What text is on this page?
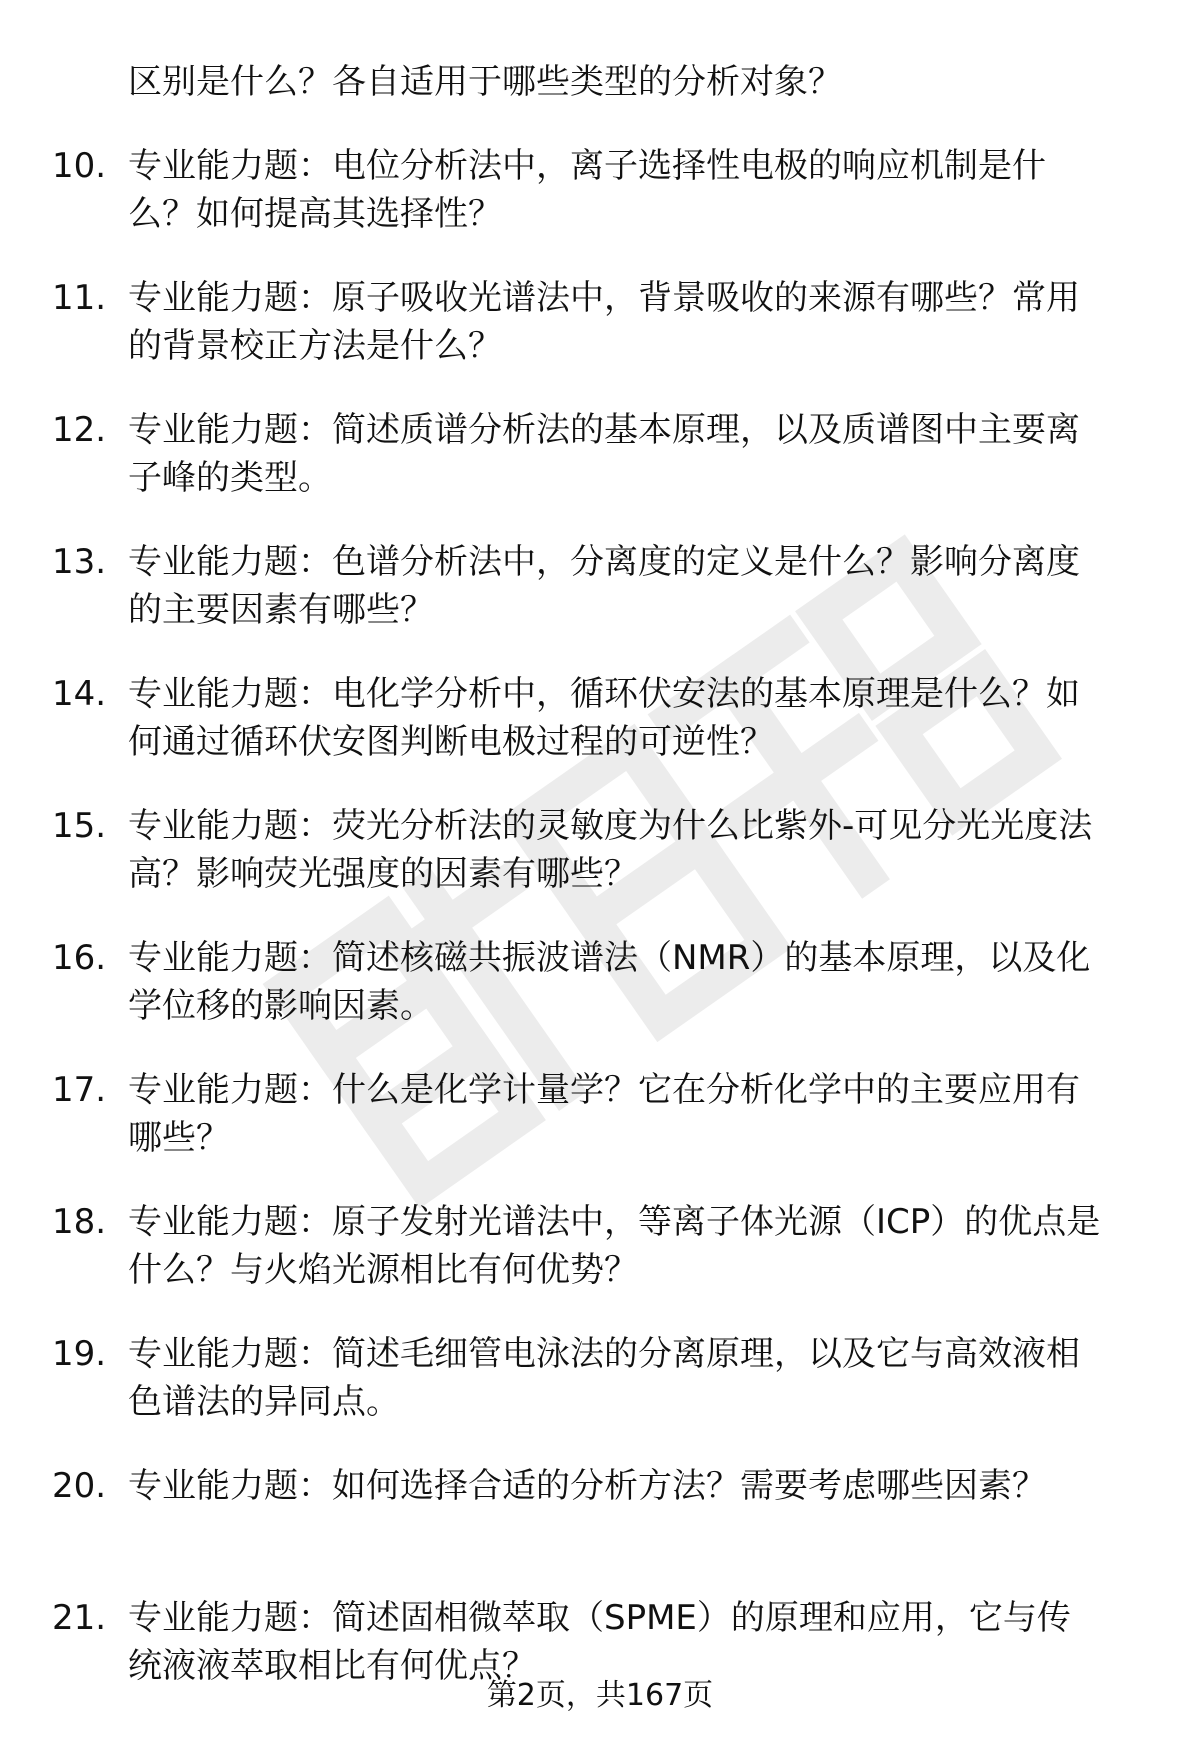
区别是什么？各自适用于哪些类型的分析对象？
10. 专业能力题：电位分析法中，离子选择性电极的响应机制是什
么？如何提高其选择性？
11. 专业能力题：原子吸收光谱法中，背景吸收的来源有哪些？常用
的背景校正方法是什么？
12. 专业能力题：简述质谱分析法的基本原理，以及质谱图中主要离
子峰的类型。
13. 专业能力题：色谱分析法中，分离度的定义是什么？影响分离度
的主要因素有哪些？
14. 专业能力题：电化学分析中，循环伏安法的基本原理是什么？如
何通过循环伏安图判断电极过程的可逆性？
15. 专业能力题：荧光分析法的灵敏度为什么比紫外-可见分光光度法
高？影响荧光强度的因素有哪些？
16. 专业能力题：简述核磁共振波谱法（NMR）的基本原理，以及化
学位移的影响因素。
17. 专业能力题：什么是化学计量学？它在分析化学中的主要应用有
哪些？
18. 专业能力题：原子发射光谱法中，等离子体光源（ICP）的优点是
什么？与火焰光源相比有何优势？
19. 专业能力题：简述毛细管电泳法的分离原理，以及它与高效液相
色谱法的异同点。
20. 专业能力题：如何选择合适的分析方法？需要考虑哪些因素？
21. 专业能力题：简述固相微萃取（SPME）的原理和应用，它与传
统液液萃取相比有何优点？
第2页，共167页
